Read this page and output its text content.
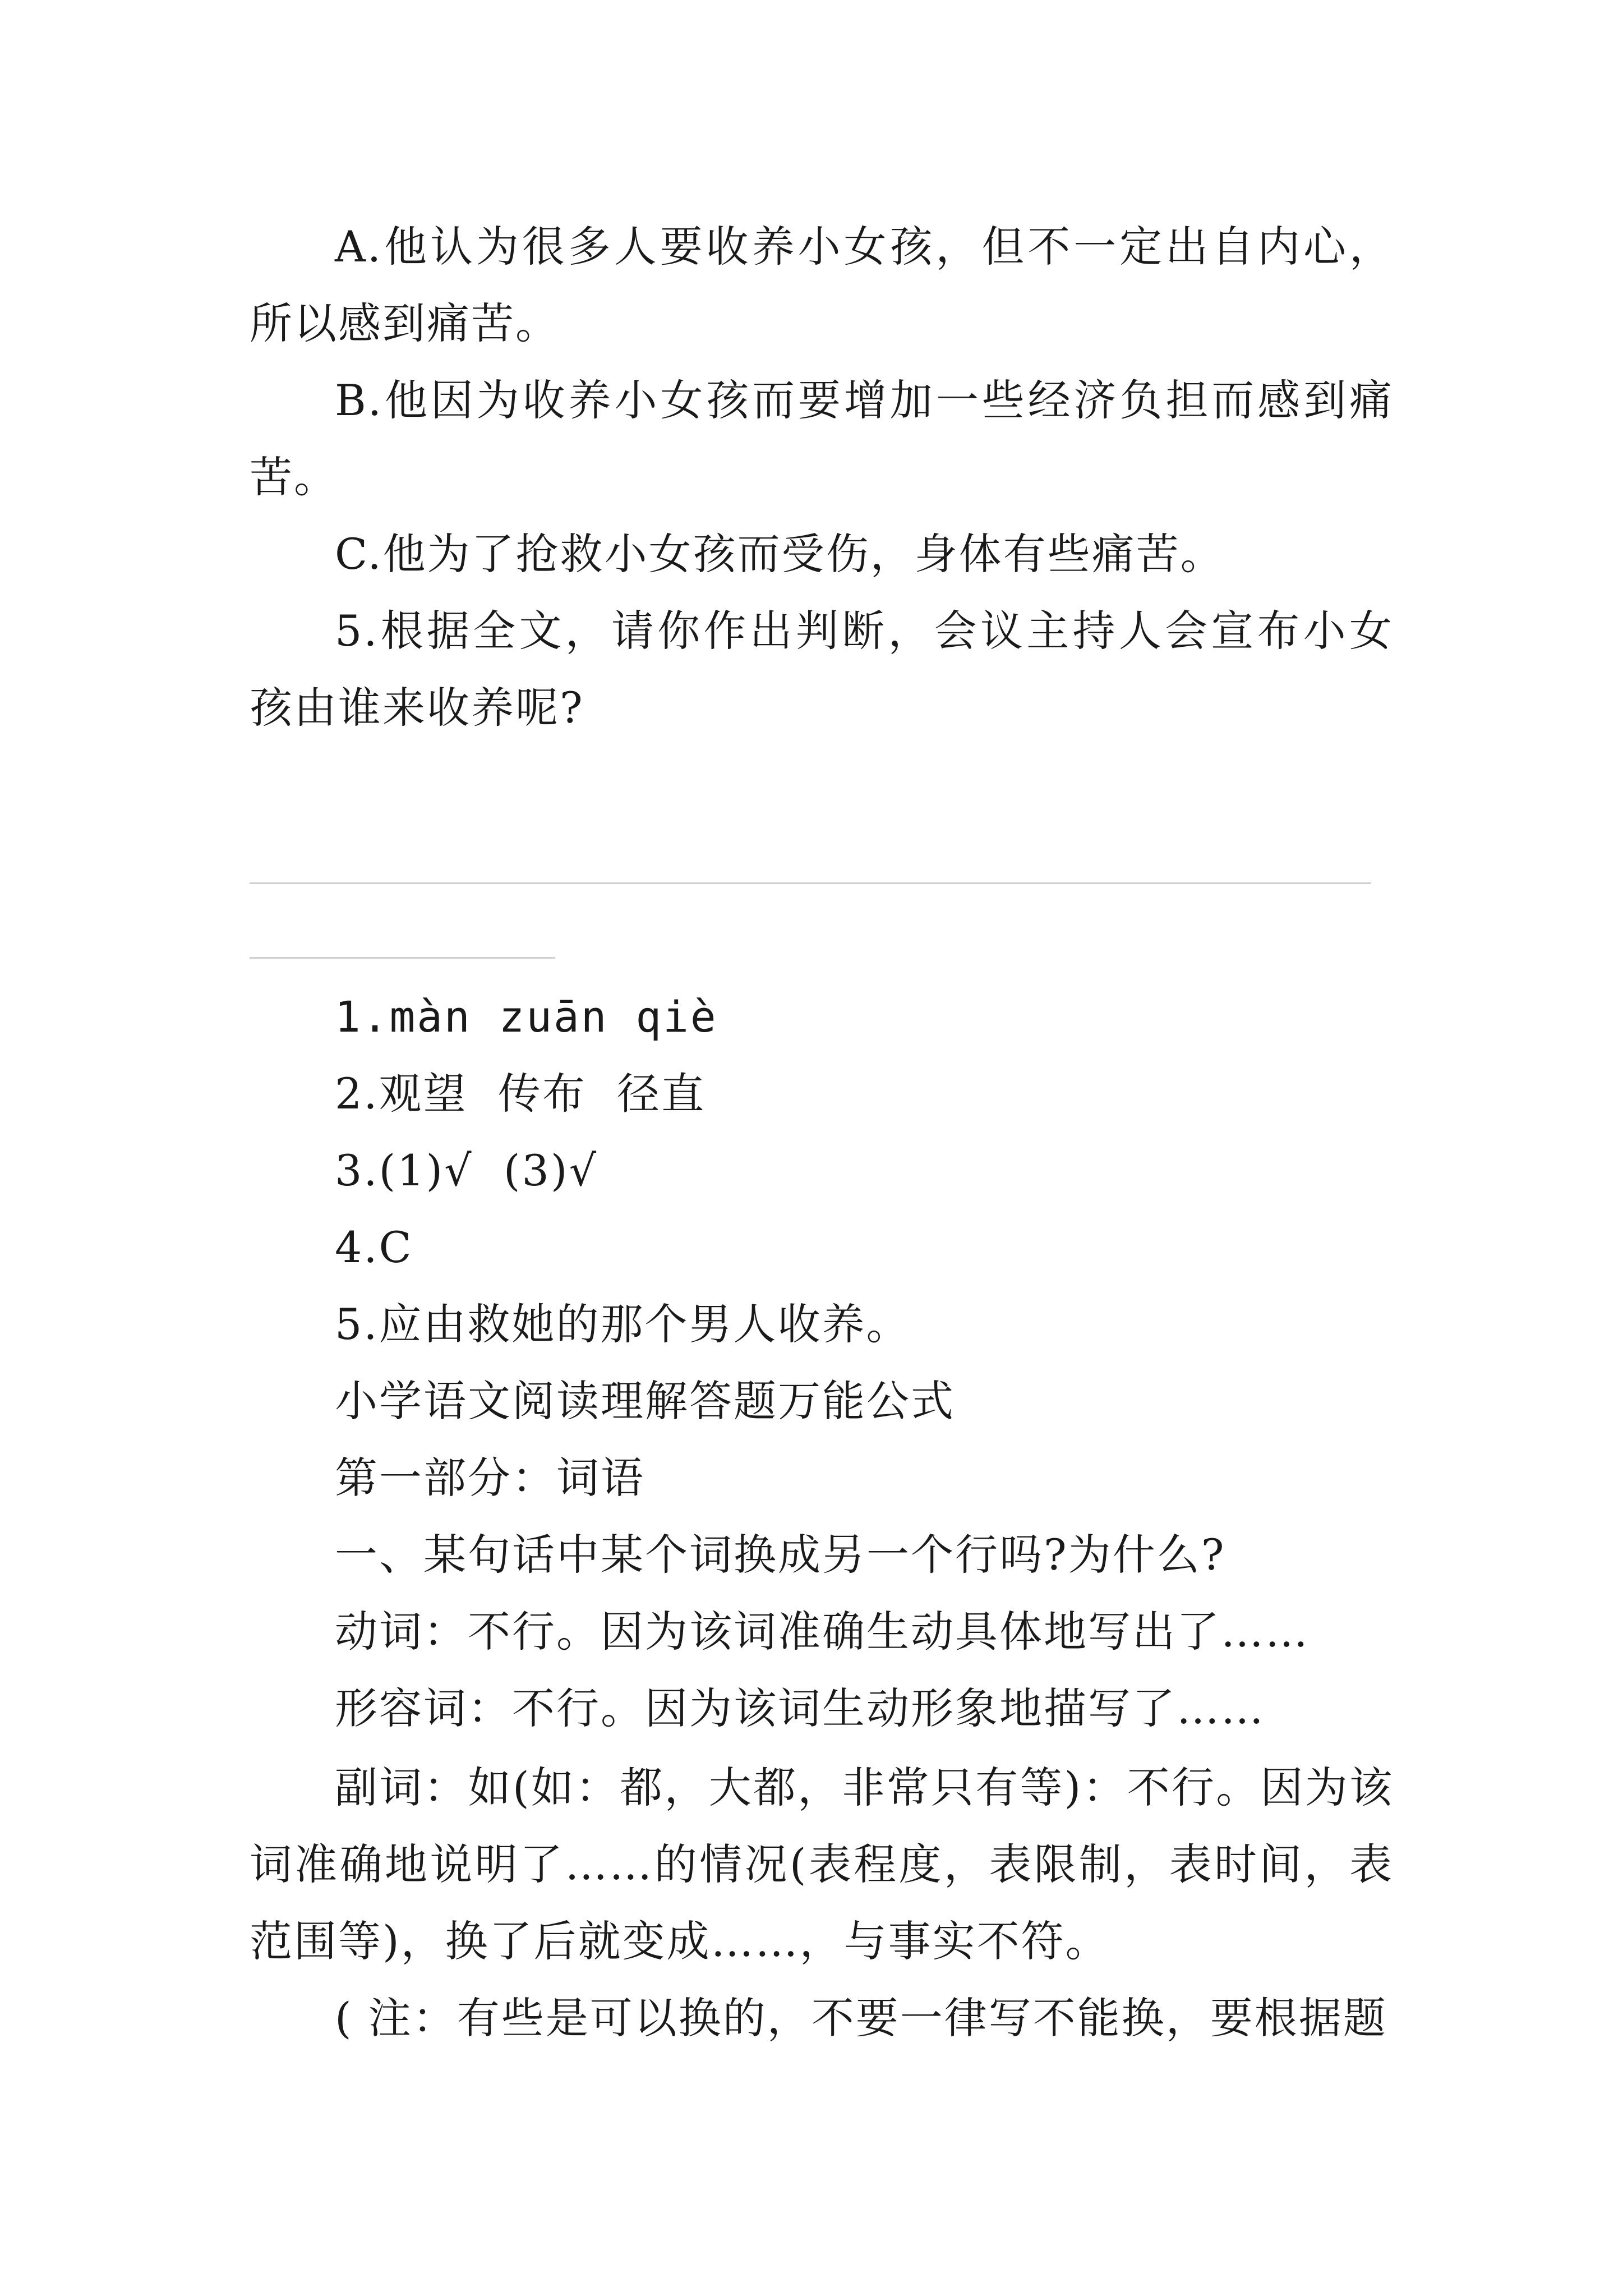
A.他认为很多人要收养小女孩，但不一定出自内心，所以感到痛苦。

B.他因为收养小女孩而要增加一些经济负担而感到痛苦。

C.他为了抢救小女孩而受伤，身体有些痛苦。

5.根据全文，请你作出判断，会议主持人会宣布小女孩由谁来收养呢?

1.màn zuān qiè
2.观望  传布  径直
3.(1)√  (3)√
4.C
5.应由救她的那个男人收养。
小学语文阅读理解答题万能公式
第一部分：词语
一、某句话中某个词换成另一个行吗?为什么?
动词：不行。因为该词准确生动具体地写出了……
形容词：不行。因为该词生动形象地描写了……

副词：如(如：都，大都，非常只有等)：不行。因为该词准确地说明了……的情况(表程度，表限制，表时间，表范围等)，换了后就变成……，与事实不符。

( 注：有些是可以换的，不要一律写不能换，要根据题
